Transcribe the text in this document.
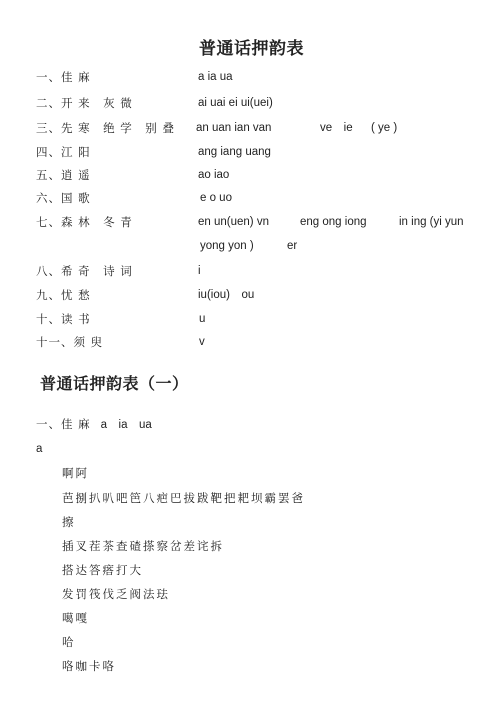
普通话押韵表
一、佳 麻	a ia ua
二、开 来　灰 微	ai uai ei ui(uei)
三、先 寒　绝 学　别 叠 an uan ian van	ve　ie ( ye )
四、江 阳	ang iang uang
五、逍 遥	ao iao
六、国 歌	e o uo
七、森 林　冬 青	en un(uen) vn	eng ong iong	in ing (yi yun
yong yon )	er
八、希 奇　诗 词	i
九、忧 愁	iu(iou)　ou
十、读 书	u
十一、须 臾	v
普通话押韵表（一）
一、佳 麻 a　ia　ua
a
啊阿
芭捌扒叭吧笆八疤巴拔跋靶把耙坝霸罢爸
擦
插叉茬茶查碴搽察岔差诧拆
搭达答瘩打大
发罚筏伐乏阀法珐
噶嘎
哈
咯咖卡咯
